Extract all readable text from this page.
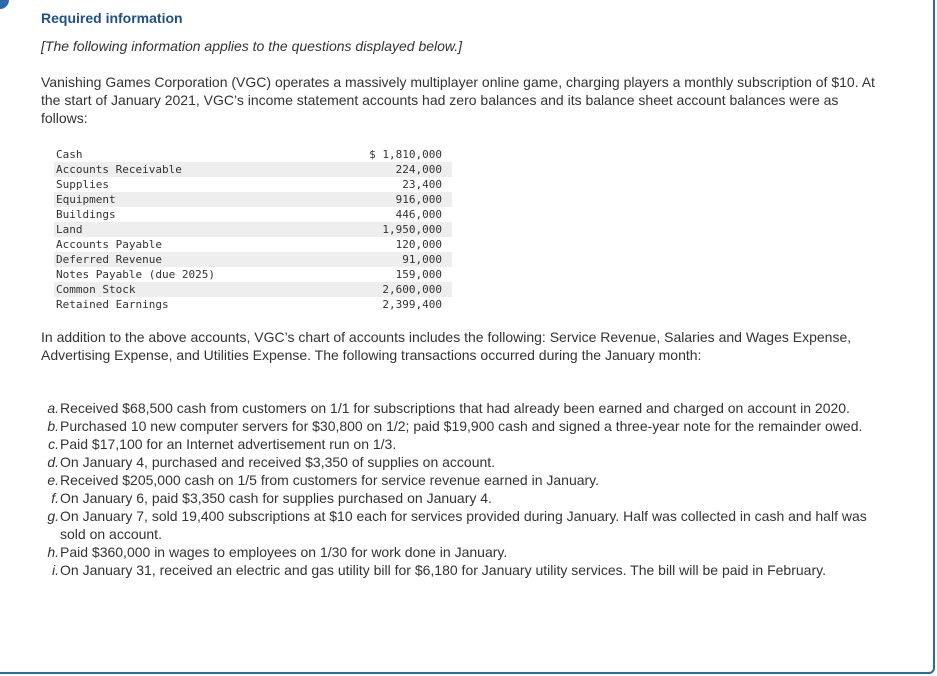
Required information
[The following information applies to the questions displayed below.]
Vanishing Games Corporation (VGC) operates a massively multiplayer online game, charging players a monthly subscription of $10. At the start of January 2021, VGC’s income statement accounts had zero balances and its balance sheet account balances were as follows:
Cash	$ 1,810,000
Accounts Receivable	224,000
Supplies	23,400
Equipment	916,000
Buildings	446,000
Land	1,950,000
Accounts Payable	120,000
Deferred Revenue	91,000
Notes Payable (due 2025)	159,000
Common Stock	2,600,000
Retained Earnings	2,399,400
In addition to the above accounts, VGC’s chart of accounts includes the following: Service Revenue, Salaries and Wages Expense, Advertising Expense, and Utilities Expense. The following transactions occurred during the January month:
a. Received $68,500 cash from customers on 1/1 for subscriptions that had already been earned and charged on account in 2020.
b. Purchased 10 new computer servers for $30,800 on 1/2; paid $19,900 cash and signed a three-year note for the remainder owed.
c. Paid $17,100 for an Internet advertisement run on 1/3.
d. On January 4, purchased and received $3,350 of supplies on account.
e. Received $205,000 cash on 1/5 from customers for service revenue earned in January.
f. On January 6, paid $3,350 cash for supplies purchased on January 4.
g. On January 7, sold 19,400 subscriptions at $10 each for services provided during January. Half was collected in cash and half was sold on account.
h. Paid $360,000 in wages to employees on 1/30 for work done in January.
i. On January 31, received an electric and gas utility bill for $6,180 for January utility services. The bill will be paid in February.
